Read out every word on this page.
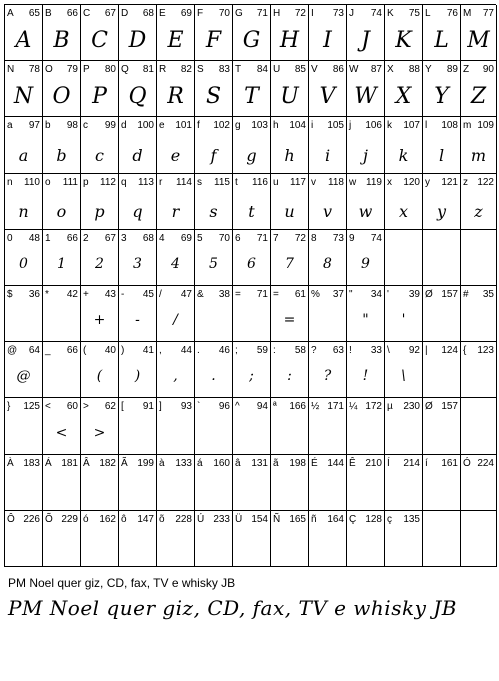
A 65
A
B 66
B
C 67
C
D 68
D
E 69
E
F 70
F
G 71
G
H 72
H
I 73
I
J 74
J
K 75
K
L 76
L
M 77
M
N 78
N
O 79
O
P 80
P
Q 81
Q
R 82
R
S 83
S
T 84
T
U 85
U
V 86
V
W 87
W
X 88
X
Y 89
Y
Z 90
Z
a 97
a
b 98
b
c 99
c
d 100
d
e 101
e
f 102
f
g 103
g
h 104
h
i 105
i
j 106
j
k 107
k
l 108
l
m 109
m
n 110
n
o 111
o
p 112
p
q 113
q
r 114
r
s 115
s
t 116
t
u 117
u
v 118
v
w 119
w
x 120
x
y 121
y
z 122
z
0 48
0
1 66
1
2 67
2
3 68
3
4 69
4
5 70
5
6 71
6
7 72
7
8 73
8
9 74
9
$ 36 * 42 + 43
+
- 45
-
/ 47
/
& 38 = 71 = 61
=
% 37 " 34
"
' 39
'
Ø 157 # 35
@ 64
@
_ 66 ( 40
(
) 41
)
, 44
,
. 46
.
; 59
;
: 58
:
? 63
?
! 33
!
\ 92
\
| 124 { 123
} 125 < 60
<
> 62
>
[ 91 ] 93 ` 96 ^ 94 ª 166 ½ 171 ¼ 172 µ 230 Ø 157
À 183 Á 181 Â 182 Ã 199 à 133 á 160 â 131 ã 198 É 144 Ê 210 Í 214 í 161 Ó 224
Ô 226 Õ 229 ó 162 ô 147 õ 228 Ú 233 Ü 154 Ñ 165 ñ 164 Ç 128 ç 135
PM Noel quer giz, CD, fax, TV e whisky JB
PM Noel quer giz, CD, fax, TV e whisky JB
